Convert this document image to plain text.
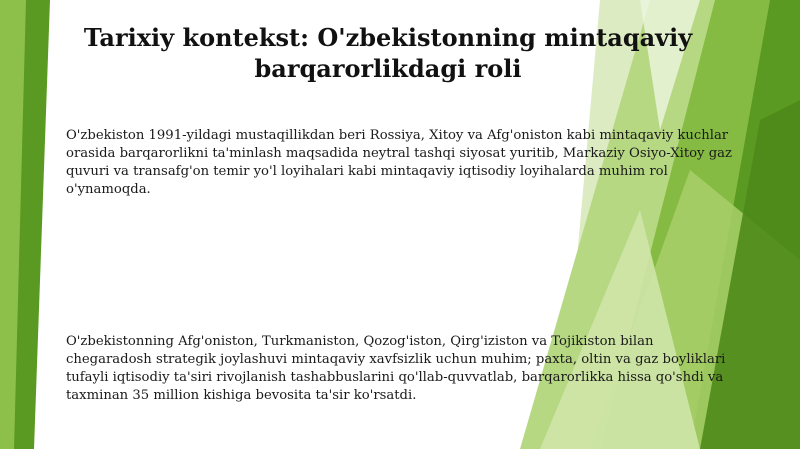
Tarixiy kontekst: O'zbekistonning mintaqaviy barqarorlikdagi roli

O'zbekiston 1991-yildagi mustaqillikdan beri Rossiya, Xitoy va Afg'oniston kabi mintaqaviy kuchlar orasida barqarorlikni ta'minlash maqsadida neytral tashqi siyosat yuritib, Markaziy Osiyo-Xitoy gaz quvuri va transafg'on temir yo'l loyihalari kabi mintaqaviy iqtisodiy loyihalarda muhim rol o'ynamoqda.

O'zbekistonning Afg'oniston, Turkmaniston, Qozog'iston, Qirg'iziston va Tojikiston bilan chegaradosh strategik joylashuvi mintaqaviy xavfsizlik uchun muhim; paxta, oltin va gaz boyliklari tufayli iqtisodiy ta'siri rivojlanish tashabbuslarini qo'llab-quvvatlab, barqarorlikka hissa qo'shdi va taxminan 35 million kishiga bevosita ta'sir ko'rsatdi.
